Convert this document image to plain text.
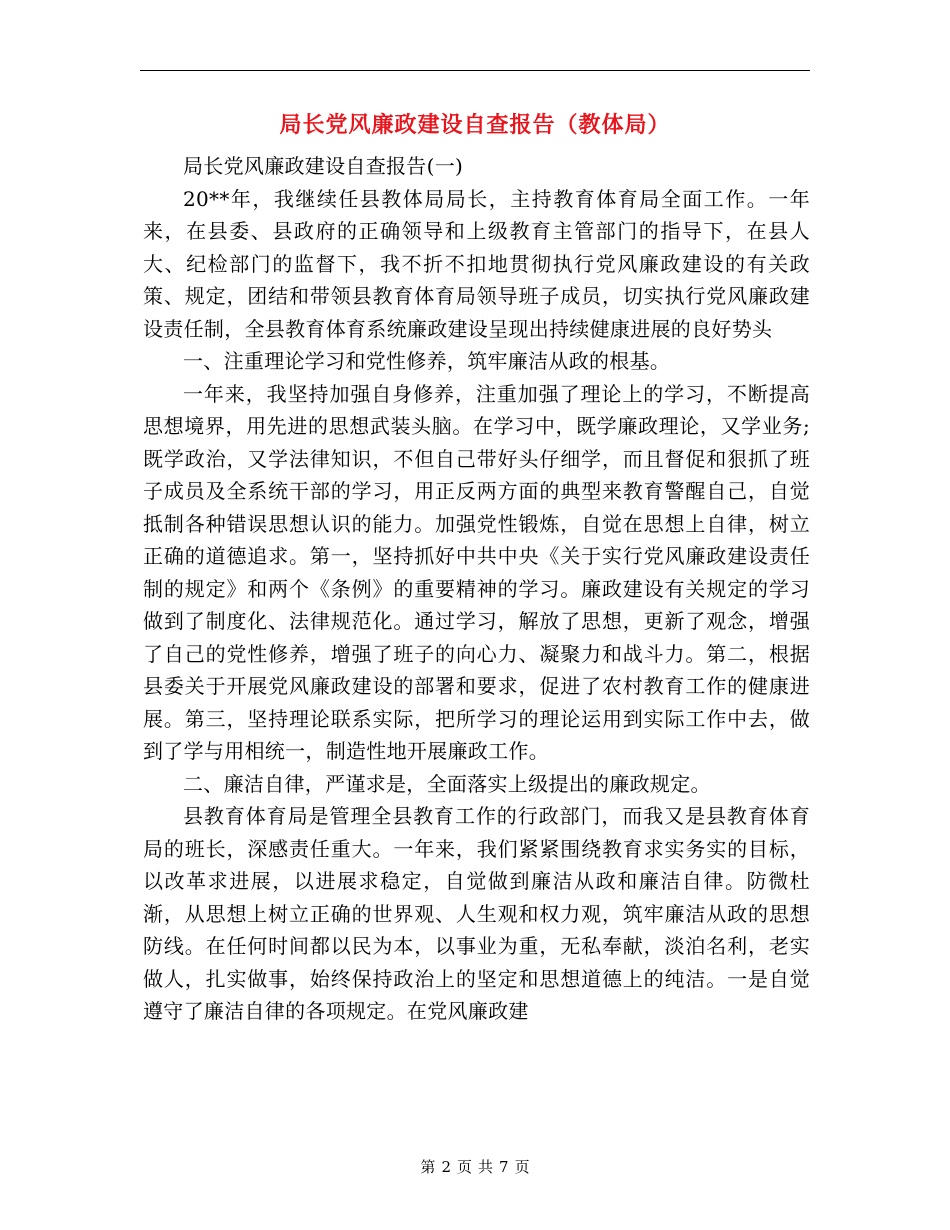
局长党风廉政建设自查报告（教体局）

局长党风廉政建设自查报告(一)

20**年，我继续任县教体局局长，主持教育体育局全面工作。一年来，在县委、县政府的正确领导和上级教育主管部门的指导下，在县人大、纪检部门的监督下，我不折不扣地贯彻执行党风廉政建设的有关政策、规定，团结和带领县教育体育局领导班子成员，切实执行党风廉政建设责任制，全县教育体育系统廉政建设呈现出持续健康进展的良好势头

一、注重理论学习和党性修养，筑牢廉洁从政的根基。

一年来，我坚持加强自身修养，注重加强了理论上的学习，不断提高思想境界，用先进的思想武装头脑。在学习中，既学廉政理论，又学业务;既学政治，又学法律知识，不但自己带好头仔细学，而且督促和狠抓了班子成员及全系统干部的学习，用正反两方面的典型来教育警醒自己，自觉抵制各种错误思想认识的能力。加强党性锻炼，自觉在思想上自律，树立正确的道德追求。第一，坚持抓好中共中央《关于实行党风廉政建设责任制的规定》和两个《条例》的重要精神的学习。廉政建设有关规定的学习做到了制度化、法律规范化。通过学习，解放了思想，更新了观念，增强了自己的党性修养，增强了班子的向心力、凝聚力和战斗力。第二，根据县委关于开展党风廉政建设的部署和要求，促进了农村教育工作的健康进展。第三，坚持理论联系实际，把所学习的理论运用到实际工作中去，做到了学与用相统一，制造性地开展廉政工作。

二、廉洁自律，严谨求是，全面落实上级提出的廉政规定。

县教育体育局是管理全县教育工作的行政部门，而我又是县教育体育局的班长，深感责任重大。一年来，我们紧紧围绕教育求实务实的目标，以改革求进展，以进展求稳定，自觉做到廉洁从政和廉洁自律。防微杜渐，从思想上树立正确的世界观、人生观和权力观，筑牢廉洁从政的思想防线。在任何时间都以民为本，以事业为重，无私奉献，淡泊名利，老实做人，扎实做事，始终保持政治上的坚定和思想道德上的纯洁。一是自觉遵守了廉洁自律的各项规定。在党风廉政建

第 2 页 共 7 页
